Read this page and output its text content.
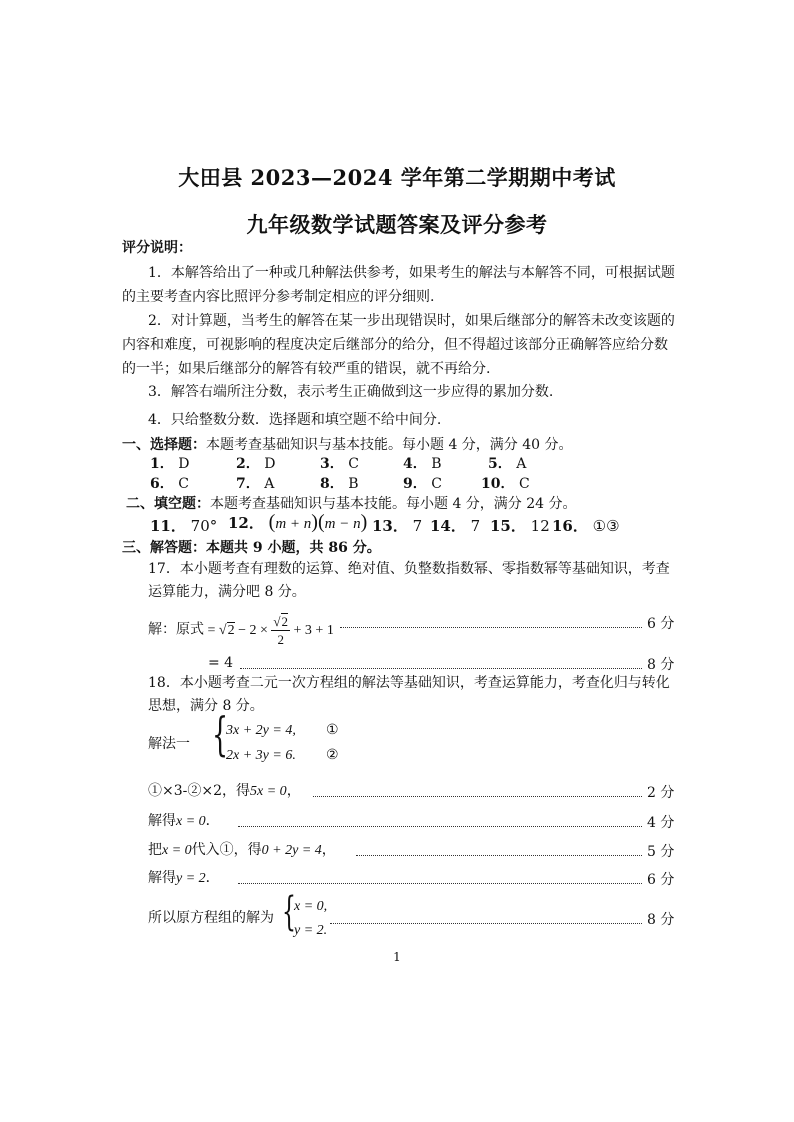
大田县 2023—2024 学年第二学期期中考试
九年级数学试题答案及评分参考
评分说明：
1．本解答给出了一种或几种解法供参考，如果考生的解法与本解答不同，可根据试题
的主要考查内容比照评分参考制定相应的评分细则.
2．对计算题，当考生的解答在某一步出现错误时，如果后继部分的解答未改变该题的
内容和难度，可视影响的程度决定后继部分的给分，但不得超过该部分正确解答应给分数
的一半；如果后继部分的解答有较严重的错误，就不再给分.
3．解答右端所注分数，表示考生正确做到这一步应得的累加分数.
4．只给整数分数．选择题和填空题不给中间分.
一、选择题：本题考查基础知识与基本技能。每小题 4 分，满分 40 分。
1． D	2． D	3． C	4． B	5． A
6． C	7． A	8． B	9． C	10． C
二、填空题：本题考查基础知识与基本技能。每小题 4 分，满分 24 分。
11． 70° 12． (m + n)(m − n) 13． 7 14． 7 15． 12 16． ①③
三、解答题：本题共 9 小题，共 86 分。
17．本小题考查有理数的运算、绝对值、负整数指数幂、零指数幂等基础知识，考查
运算能力，满分吧 8 分。
解：原式 = $√2 - 2 \times \frac{√2}{2} + 3 + 1$	6 分
= 4	8 分
18．本小题考查二元一次方程组的解法等基础知识，考查运算能力，考查化归与转化
思想，满分 8 分。
解法一 {
3x + 2y = 4,
2x + 3y = 6.
①
②
①×3-②×2，得5x = 0，	2 分
解得x = 0．	4 分
把x = 0代入①，得0 + 2y = 4，	5 分
解得y = 2．	6 分
所以原方程组的解为 {
x = 0,
y = 2.
8 分
1
